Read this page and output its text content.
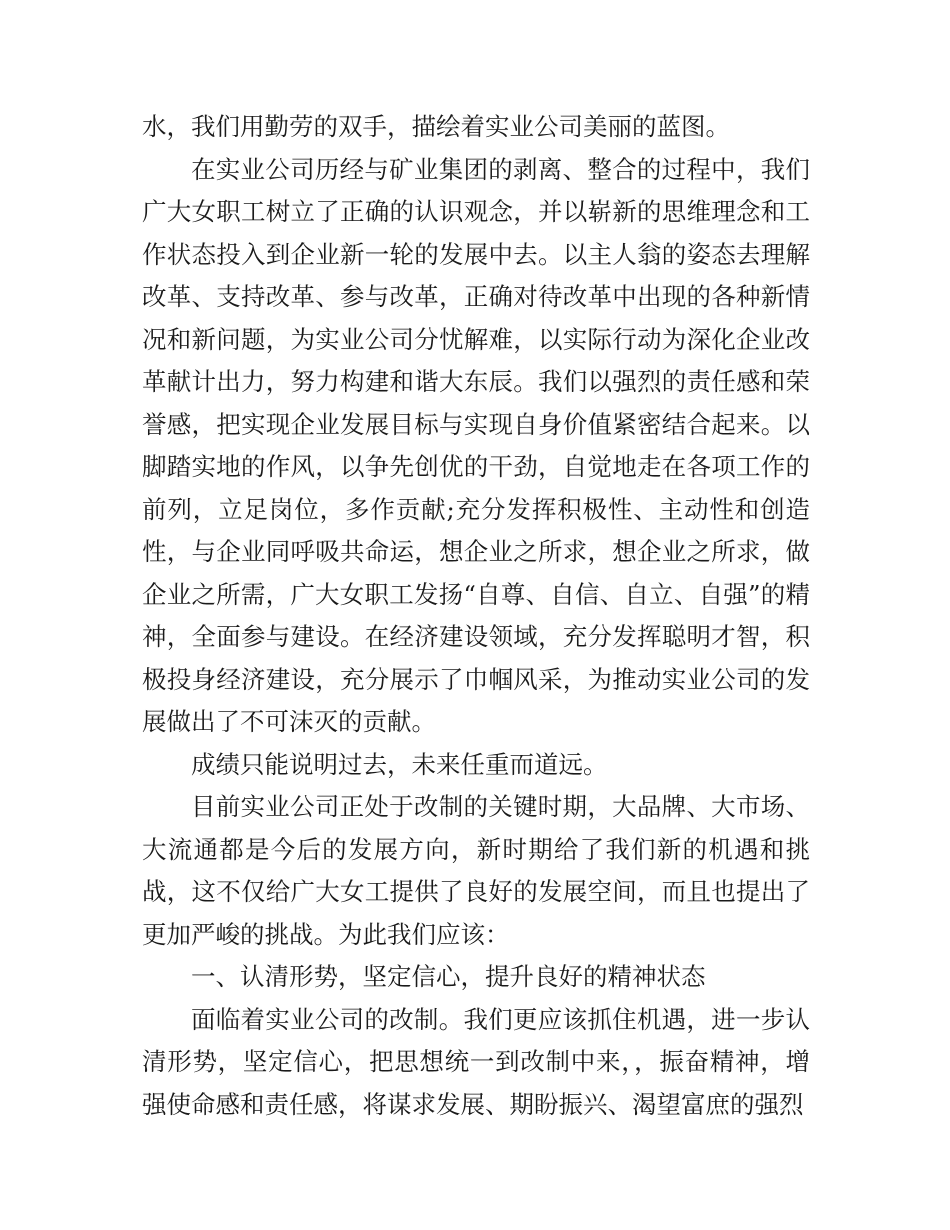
水，我们用勤劳的双手，描绘着实业公司美丽的蓝图。

在实业公司历经与矿业集团的剥离、整合的过程中，我们广大女职工树立了正确的认识观念，并以崭新的思维理念和工作状态投入到企业新一轮的发展中去。以主人翁的姿态去理解改革、支持改革、参与改革，正确对待改革中出现的各种新情况和新问题，为实业公司分忧解难，以实际行动为深化企业改革献计出力，努力构建和谐大东辰。我们以强烈的责任感和荣誉感，把实现企业发展目标与实现自身价值紧密结合起来。以脚踏实地的作风，以争先创优的干劲，自觉地走在各项工作的前列，立足岗位，多作贡献;充分发挥积极性、主动性和创造性，与企业同呼吸共命运，想企业之所求，想企业之所求，做企业之所需，广大女职工发扬“自尊、自信、自立、自强”的精神，全面参与建设。在经济建设领域，充分发挥聪明才智，积极投身经济建设，充分展示了巾帼风采，为推动实业公司的发展做出了不可沫灭的贡献。

成绩只能说明过去，未来任重而道远。

目前实业公司正处于改制的关键时期，大品牌、大市场、大流通都是今后的发展方向，新时期给了我们新的机遇和挑战，这不仅给广大女工提供了良好的发展空间，而且也提出了更加严峻的挑战。为此我们应该：

一、认清形势，坚定信心，提升良好的精神状态

面临着实业公司的改制。我们更应该抓住机遇，进一步认清形势，坚定信心，把思想统一到改制中来，，振奋精神，增强使命感和责任感，将谋求发展、期盼振兴、渴望富庶的强烈
